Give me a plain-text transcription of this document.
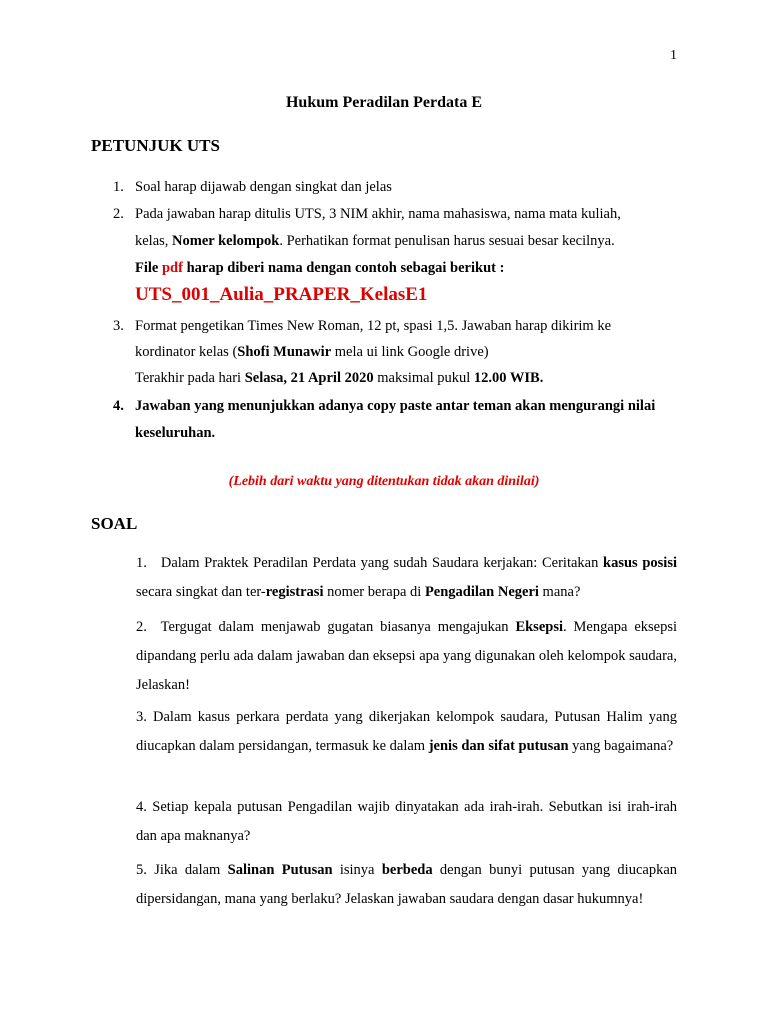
1
Hukum Peradilan Perdata E
PETUNJUK UTS
1. Soal harap dijawab dengan singkat dan jelas
2. Pada jawaban harap ditulis UTS, 3 NIM akhir, nama mahasiswa, nama mata kuliah,
kelas, Nomer kelompok. Perhatikan format penulisan harus sesuai besar kecilnya.
File pdf harap diberi nama dengan contoh sebagai berikut :
UTS_001_Aulia_PRAPER_KelasE1
3. Format pengetikan Times New Roman, 12 pt, spasi 1,5. Jawaban harap dikirim ke
kordinator kelas (Shofi Munawir mela ui link Google drive)
Terakhir pada hari Selasa, 21 April 2020 maksimal pukul 12.00 WIB.
4. Jawaban yang menunjukkan adanya copy paste antar teman akan mengurangi nilai
keseluruhan.
(Lebih dari waktu yang ditentukan tidak akan dinilai)
SOAL
1. Dalam Praktek Peradilan Perdata yang sudah Saudara kerjakan: Ceritakan kasus posisi secara singkat dan ter-registrasi nomer berapa di Pengadilan Negeri mana?
2. Tergugat dalam menjawab gugatan biasanya mengajukan Eksepsi. Mengapa eksepsi dipandang perlu ada dalam jawaban dan eksepsi apa yang digunakan oleh kelompok saudara, Jelaskan!
3. Dalam kasus perkara perdata yang dikerjakan kelompok saudara, Putusan Halim yang diucapkan dalam persidangan, termasuk ke dalam jenis dan sifat putusan yang bagaimana?
4. Setiap kepala putusan Pengadilan wajib dinyatakan ada irah-irah. Sebutkan isi irah-irah dan apa maknanya?
5. Jika dalam Salinan Putusan isinya berbeda dengan bunyi putusan yang diucapkan dipersidangan, mana yang berlaku? Jelaskan jawaban saudara dengan dasar hukumnya!
